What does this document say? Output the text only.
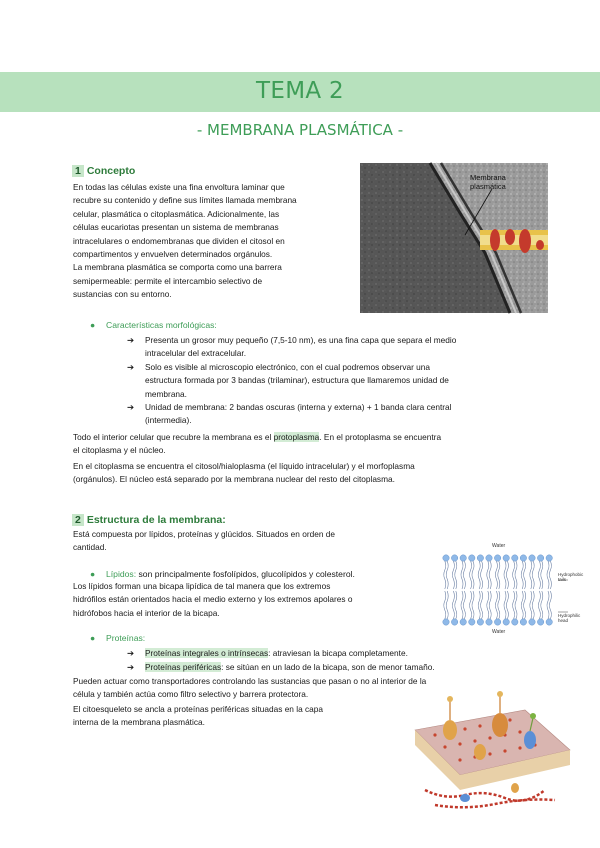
TEMA 2
- MEMBRANA PLASMÁTICA -
1 Concepto
En todas las células existe una fina envoltura laminar que
recubre su contenido y define sus límites llamada membrana
celular, plasmática o citoplasmática. Adicionalmente, las
células eucariotas presentan un sistema de membranas
intracelulares o endomembranas que dividen el citosol en
compartimentos y envuelven determinados orgánulos.
La membrana plasmática se comporta como una barrera
semipermeable: permite el intercambio selectivo de
sustancias con su entorno.
Membrana
plasmática
● Características morfológicas:
➔ Presenta un grosor muy pequeño (7,5-10 nm), es una fina capa que separa el medio
intracelular del extracelular.
➔ Solo es visible al microscopio electrónico, con el cual podremos observar una
estructura formada por 3 bandas (trilaminar), estructura que llamaremos unidad de
membrana.
➔ Unidad de membrana: 2 bandas oscuras (interna y externa) + 1 banda clara central
(intermedia).
Todo el interior celular que recubre la membrana es el protoplasma. En el protoplasma se encuentra
el citoplasma y el núcleo.
En el citoplasma se encuentra el citosol/hialoplasma (el líquido intracelular) y el morfoplasma
(orgánulos). El núcleo está separado por la membrana nuclear del resto del citoplasma.
2 Estructura de la membrana:
Está compuesta por lípidos, proteínas y glúcidos. Situados en orden de
cantidad.	Water
Water
Hydrophobic
tails
Hydrophilic
head
● Lípidos: son principalmente fosfolípidos, glucolípidos y colesterol.
Los lípidos forman una bicapa lipídica de tal manera que los extremos
hidrófilos están orientados hacia el medio externo y los extremos apolares o
hidrófobos hacia el interior de la bicapa.
● Proteínas:
➔ Proteínas integrales o intrínsecas: atraviesan la bicapa completamente.
➔ Proteínas periféricas: se sitúan en un lado de la bicapa, son de menor tamaño.
Pueden actuar como transportadores controlando las sustancias que pasan o no al interior de la
célula y también actúa como filtro selectivo y barrera protectora.
El citoesqueleto se ancla a proteínas periféricas situadas en la capa
interna de la membrana plasmática.
